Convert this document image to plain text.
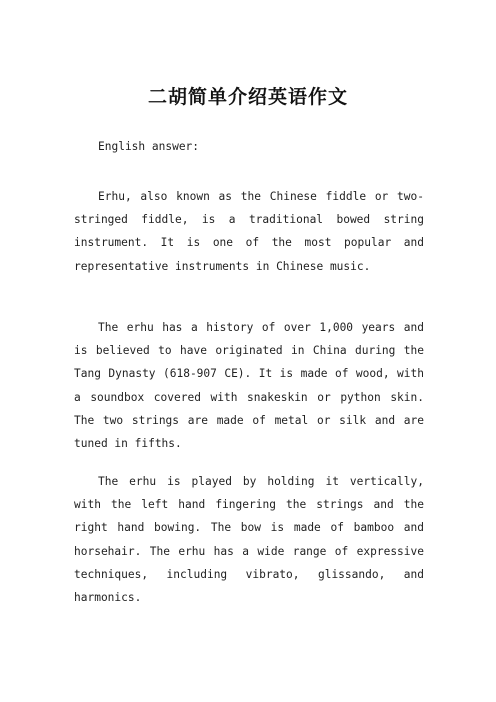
二胡简单介绍英语作文

English answer:

Erhu, also known as the Chinese fiddle or two-stringed fiddle, is a traditional bowed string instrument. It is one of the most popular and representative instruments in Chinese music.

The erhu has a history of over 1,000 years and is believed to have originated in China during the Tang Dynasty (618-907 CE). It is made of wood, with a soundbox covered with snakeskin or python skin. The two strings are made of metal or silk and are tuned in fifths.

The erhu is played by holding it vertically, with the left hand fingering the strings and the right hand bowing. The bow is made of bamboo and horsehair. The erhu has a wide range of expressive techniques, including vibrato, glissando, and harmonics.
